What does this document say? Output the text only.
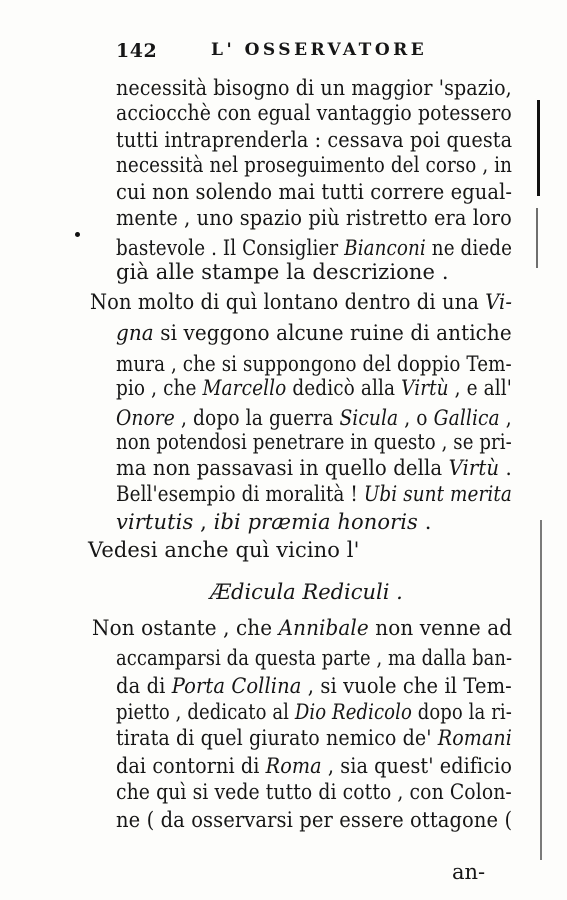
142	L' OSSERVATORE
necessità bisogno di un maggior 'spazio,
acciocchè con egual vantaggio potessero
tutti intraprenderla : cessava poi questa
necessità nel proseguimento del corso , in
cui non solendo mai tutti correre egual-
mente , uno spazio più ristretto era loro
bastevole . Il Consiglier Bianconi ne diede
già alle stampe la descrizione .
Non molto di quì lontano dentro di una Vi-
gna si veggono alcune ruine di antiche
mura , che si suppongono del doppio Tem-
pio , che Marcello dedicò alla Virtù , e all'
Onore , dopo la guerra Sicula , o Gallica ,
non potendosi penetrare in questo , se pri-
ma non passavasi in quello della Virtù .
Bell'esempio di moralità ! Ubi sunt merita
virtutis , ibi præmia honoris .
Vedesi anche quì vicino l'
Non ostante , che Annibale non venne ad
accamparsi da questa parte , ma dalla ban-
da di Porta Collina , si vuole che il Tem-
pietto , dedicato al Dio Redicolo dopo la ri-
tirata di quel giurato nemico de' Romani
dai contorni di Roma , sia quest' edificio
che quì si vede tutto di cotto , con Colon-
ne ( da osservarsi per essere ottagone (
Ædicula Rediculi .
an-
